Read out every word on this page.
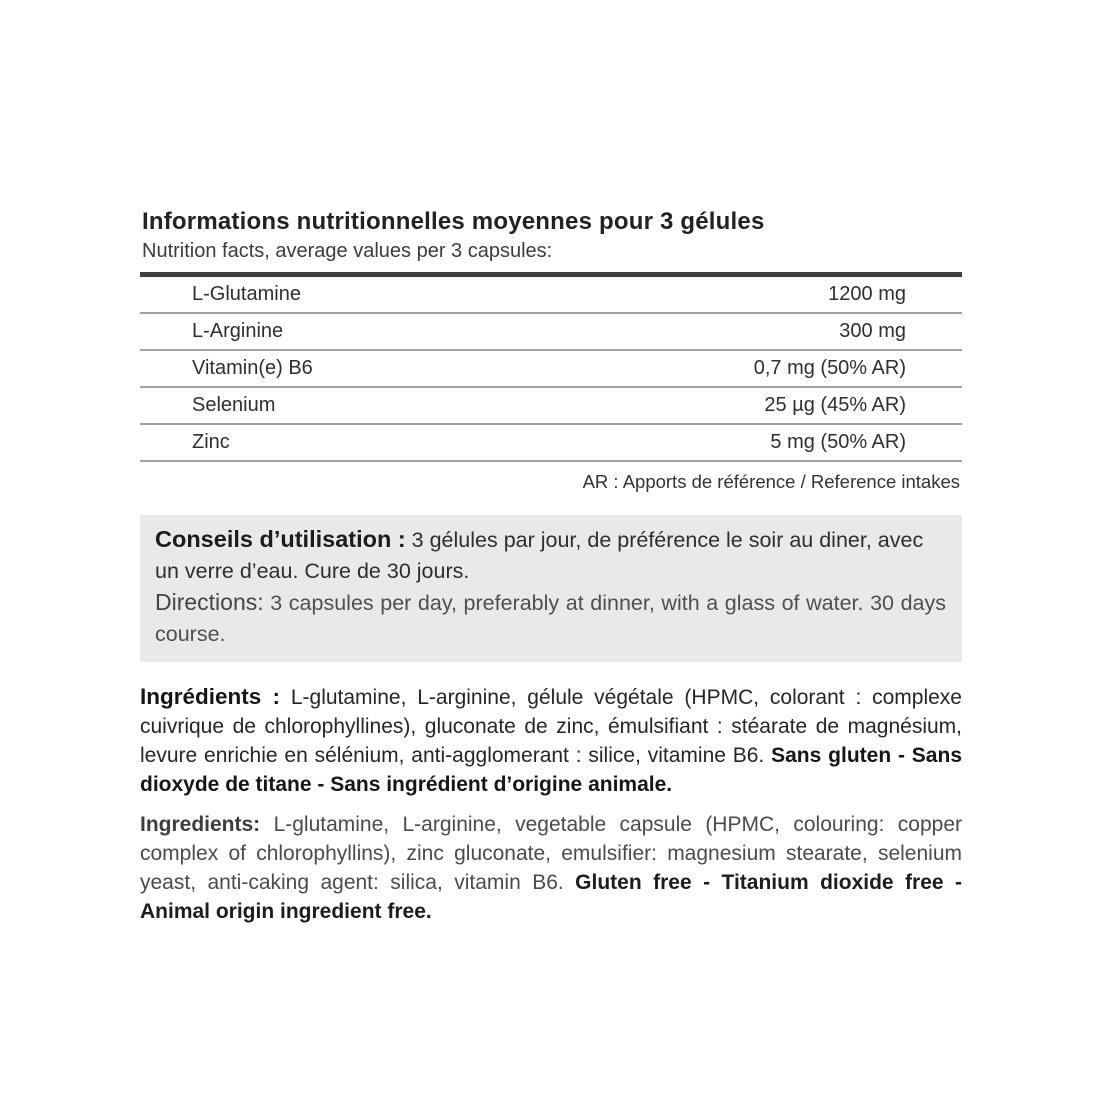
Informations nutritionnelles moyennes pour 3 gélules
Nutrition facts, average values per 3 capsules:
L-Glutamine	1200 mg
L-Arginine	300 mg
Vitamin(e) B6	0,7 mg (50% AR)
Selenium	25 µg (45% AR)
Zinc	5 mg (50% AR)
AR : Apports de référence / Reference intakes

Conseils d’utilisation : 3 gélules par jour, de préférence le soir au diner, avec un verre d’eau. Cure de 30 jours.

Directions: 3 capsules per day, preferably at dinner, with a glass of water. 30 days course.

Ingrédients : L-glutamine, L-arginine, gélule végétale (HPMC, colorant : complexe cuivrique de chlorophyllines), gluconate de zinc, émulsifiant : stéarate de magnésium, levure enrichie en sélénium, anti-agglomerant : silice, vitamine B6. Sans gluten - Sans dioxyde de titane - Sans ingrédient d’origine animale.

Ingredients: L-glutamine, L-arginine, vegetable capsule (HPMC, colouring: copper complex of chlorophyllins), zinc gluconate, emulsifier: magnesium stearate, selenium yeast, anti-caking agent: silica, vitamin B6. Gluten free - Titanium dioxide free - Animal origin ingredient free.
